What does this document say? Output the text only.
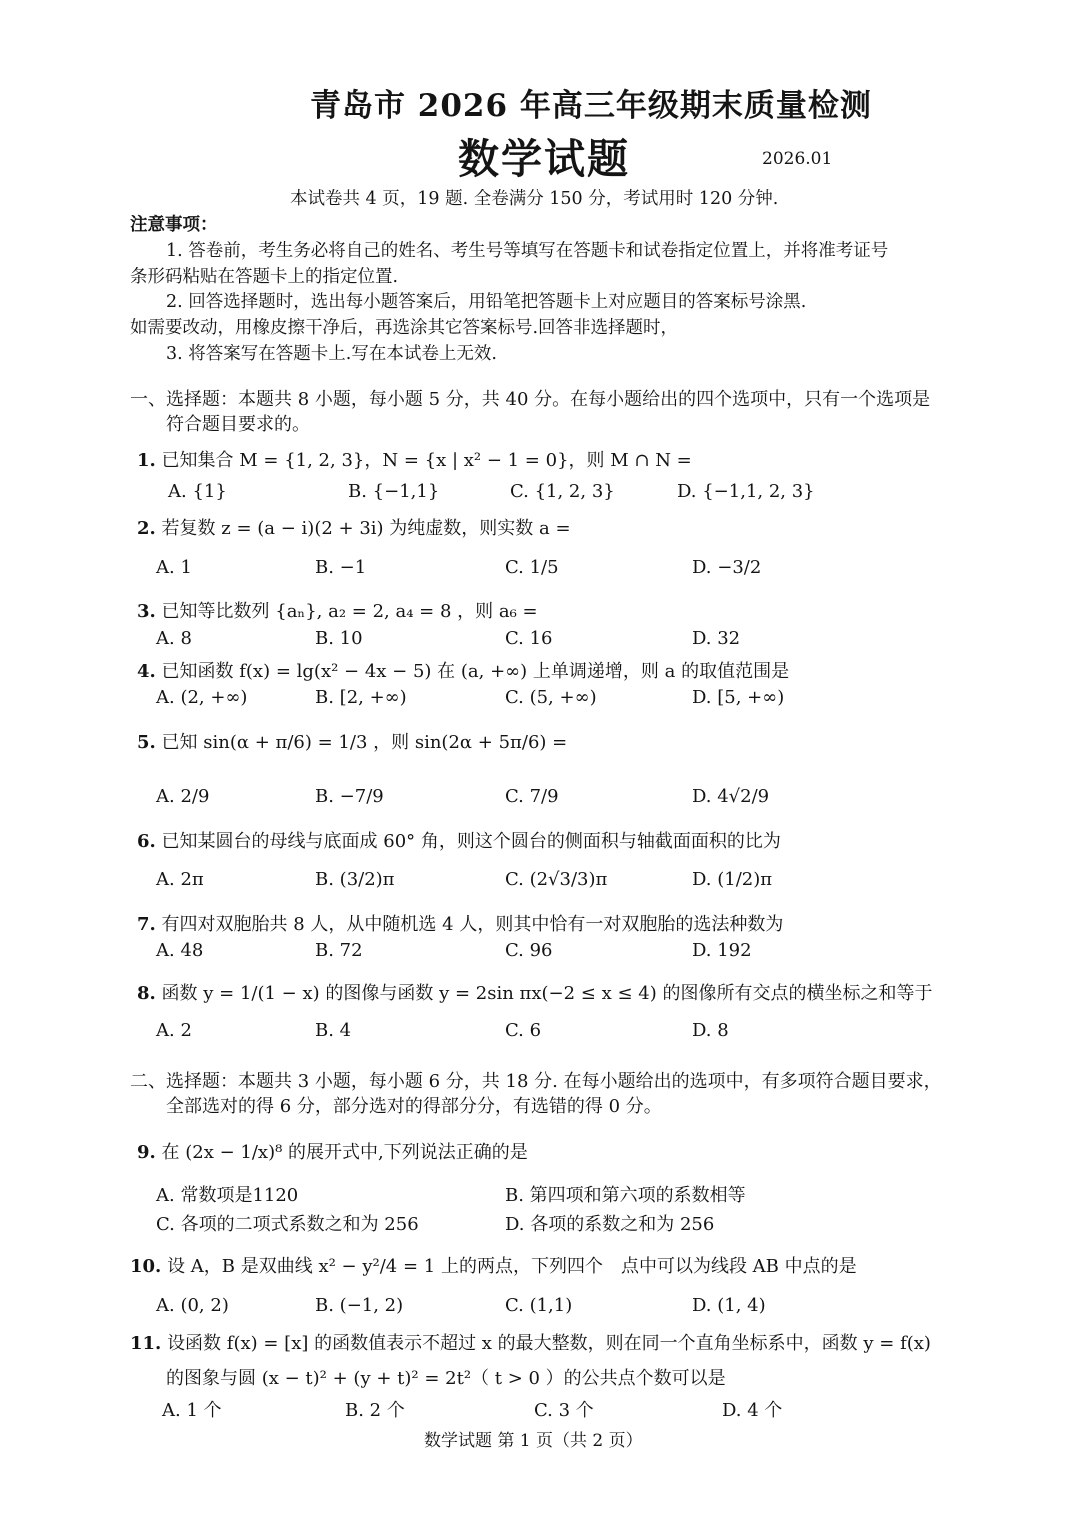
青岛市 2026 年高三年级期末质量检测
数学试题	2026.01
本试卷共 4 页，19 题. 全卷满分 150 分，考试用时 120 分钟.
注意事项：
1. 答卷前，考生务必将自己的姓名、考生号等填写在答题卡和试卷指定位置上，并将准考证号
条形码粘贴在答题卡上的指定位置.
2. 回答选择题时，选出每小题答案后，用铅笔把答题卡上对应题目的答案标号涂黑.
如需要改动，用橡皮擦干净后，再选涂其它答案标号.回答非选择题时，
3. 将答案写在答题卡上.写在本试卷上无效.
一、选择题：本题共 8 小题，每小题 5 分，共 40 分。在每小题给出的四个选项中，只有一个选项是
符合题目要求的。
1. 已知集合 M = {1, 2, 3}，N = {x | x² − 1 = 0}，则 M ∩ N =
A. {1}	B. {−1,1}	C. {1, 2, 3}	D. {−1,1, 2, 3}
2. 若复数 z = (a − i)(2 + 3i) 为纯虚数，则实数 a =
A. 1	B. −1	C. 1/5	D. −3/2
3. 已知等比数列 {aₙ}, a₂ = 2, a₄ = 8 ，则 a₆ =
A. 8	B. 10	C. 16	D. 32
4. 已知函数 f(x) = lg(x² − 4x − 5) 在 (a, +∞) 上单调递增，则 a 的取值范围是
A. (2, +∞)	B. [2, +∞)	C. (5, +∞)	D. [5, +∞)
5. 已知 sin(α + π/6) = 1/3 ，则 sin(2α + 5π/6) =
A. 2/9	B. −7/9	C. 7/9	D. 4√2/9
6. 已知某圆台的母线与底面成 60° 角，则这个圆台的侧面积与轴截面面积的比为
A. 2π	B. (3/2)π	C. (2√3/3)π	D. (1/2)π
7. 有四对双胞胎共 8 人，从中随机选 4 人，则其中恰有一对双胞胎的选法种数为
A. 48	B. 72	C. 96	D. 192
8. 函数 y = 1/(1 − x) 的图像与函数 y = 2sin πx(−2 ≤ x ≤ 4) 的图像所有交点的横坐标之和等于
A. 2	B. 4	C. 6	D. 8
二、选择题：本题共 3 小题，每小题 6 分，共 18 分. 在每小题给出的选项中，有多项符合题目要求，
全部选对的得 6 分，部分选对的得部分分，有选错的得 0 分。
9. 在 (2x − 1/x)⁸ 的展开式中,下列说法正确的是
A. 常数项是1120	B. 第四项和第六项的系数相等
C. 各项的二项式系数之和为 256	D. 各项的系数之和为 256
10. 设 A，B 是双曲线 x² − y²/4 = 1 上的两点，下列四个　点中可以为线段 AB 中点的是
A. (0, 2)	B. (−1, 2)	C. (1,1)	D. (1, 4)
11. 设函数 f(x) = [x] 的函数值表示不超过 x 的最大整数，则在同一个直角坐标系中，函数 y = f(x)
的图象与圆 (x − t)² + (y + t)² = 2t²（ t > 0 ）的公共点个数可以是
A. 1 个	B. 2 个	C. 3 个	D. 4 个
数学试题 第 1 页（共 2 页）
